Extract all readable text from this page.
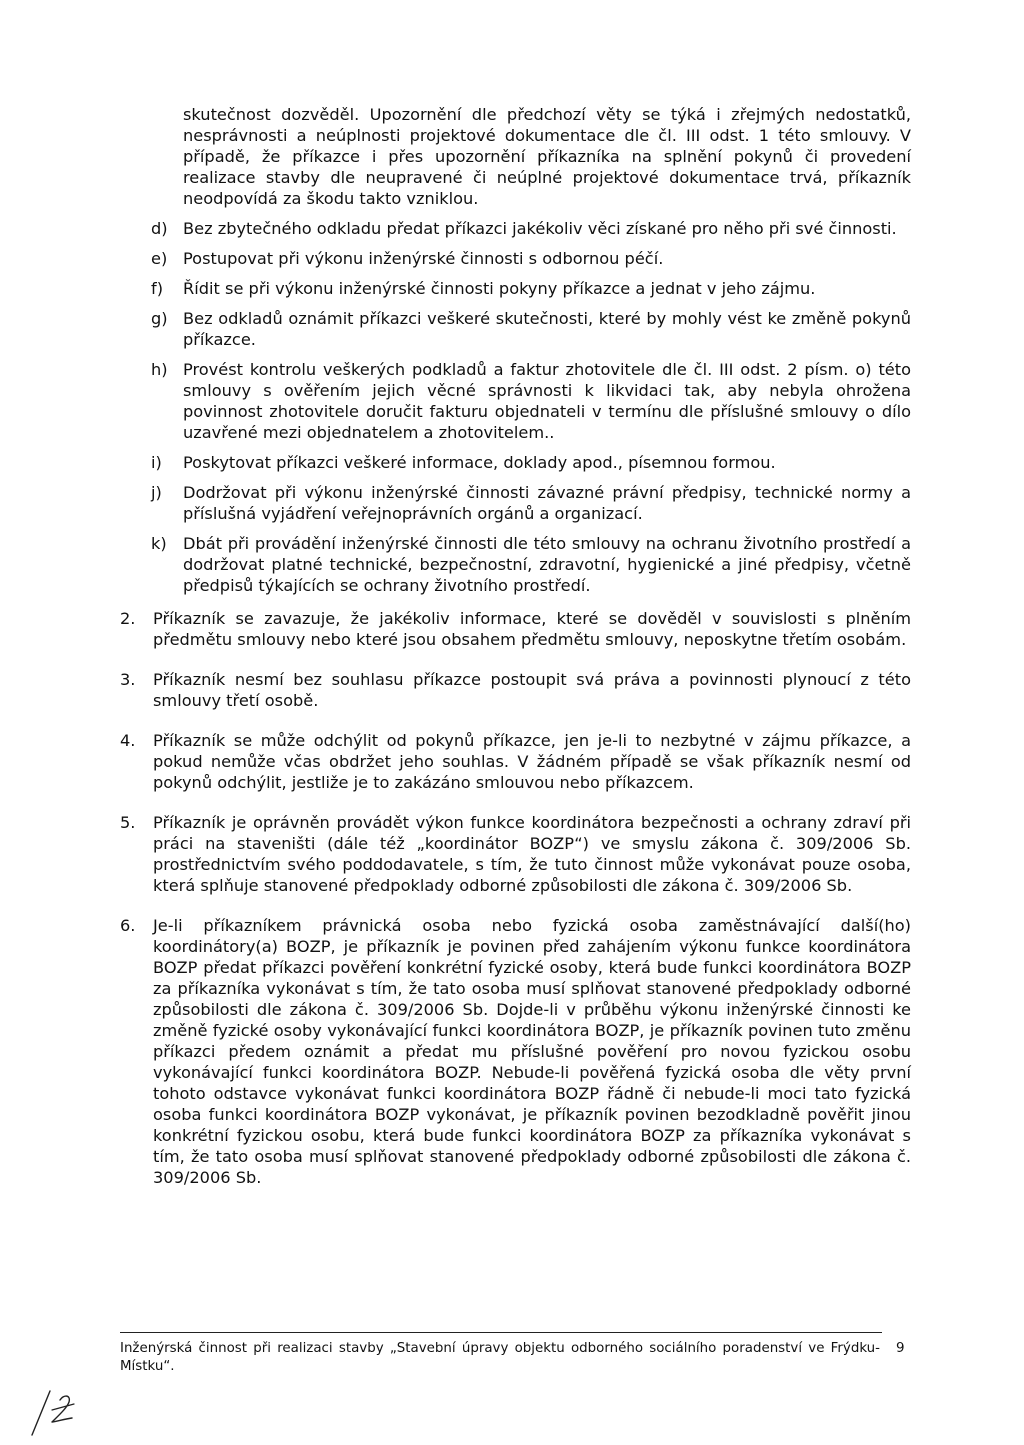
skutečnost dozvěděl. Upozornění dle předchozí věty se týká i zřejmých nedostatků, nesprávnosti a neúplnosti projektové dokumentace dle čl. III odst. 1 této smlouvy. V případě, že příkazce i přes upozornění příkazníka na splnění pokynů či provedení realizace stavby dle neupravené či neúplné projektové dokumentace trvá, příkazník neodpovídá za škodu takto vzniklou.
d) Bez zbytečného odkladu předat příkazci jakékoliv věci získané pro něho při své činnosti.
e) Postupovat při výkonu inženýrské činnosti s odbornou péčí.
f) Řídit se při výkonu inženýrské činnosti pokyny příkazce a jednat v jeho zájmu.
g) Bez odkladů oznámit příkazci veškeré skutečnosti, které by mohly vést ke změně pokynů příkazce.
h) Provést kontrolu veškerých podkladů a faktur zhotovitele dle čl. III odst. 2 písm. o) této smlouvy s ověřením jejich věcné správnosti k likvidaci tak, aby nebyla ohrožena povinnost zhotovitele doručit fakturu objednateli v termínu dle příslušné smlouvy o dílo uzavřené mezi objednatelem a zhotovitelem..
i) Poskytovat příkazci veškeré informace, doklady apod., písemnou formou.
j) Dodržovat při výkonu inženýrské činnosti závazné právní předpisy, technické normy a příslušná vyjádření veřejnoprávních orgánů a organizací.
k) Dbát při provádění inženýrské činnosti dle této smlouvy na ochranu životního prostředí a dodržovat platné technické, bezpečnostní, zdravotní, hygienické a jiné předpisy, včetně předpisů týkajících se ochrany životního prostředí.
2. Příkazník se zavazuje, že jakékoliv informace, které se dověděl v souvislosti s plněním předmětu smlouvy nebo které jsou obsahem předmětu smlouvy, neposkytne třetím osobám.
3. Příkazník nesmí bez souhlasu příkazce postoupit svá práva a povinnosti plynoucí z této smlouvy třetí osobě.
4. Příkazník se může odchýlit od pokynů příkazce, jen je-li to nezbytné v zájmu příkazce, a pokud nemůže včas obdržet jeho souhlas. V žádném případě se však příkazník nesmí od pokynů odchýlit, jestliže je to zakázáno smlouvou nebo příkazcem.
5. Příkazník je oprávněn provádět výkon funkce koordinátora bezpečnosti a ochrany zdraví při práci na staveništi (dále též „koordinátor BOZP“) ve smyslu zákona č. 309/2006 Sb. prostřednictvím svého poddodavatele, s tím, že tuto činnost může vykonávat pouze osoba, která splňuje stanovené předpoklady odborné způsobilosti dle zákona č. 309/2006 Sb.
6. Je-li příkazníkem právnická osoba nebo fyzická osoba zaměstnávající další(ho) koordinátory(a) BOZP, je příkazník je povinen před zahájením výkonu funkce koordinátora BOZP předat příkazci pověření konkrétní fyzické osoby, která bude funkci koordinátora BOZP za příkazníka vykonávat s tím, že tato osoba musí splňovat stanovené předpoklady odborné způsobilosti dle zákona č. 309/2006 Sb. Dojde-li v průběhu výkonu inženýrské činnosti ke změně fyzické osoby vykonávající funkci koordinátora BOZP, je příkazník povinen tuto změnu příkazci předem oznámit a předat mu příslušné pověření pro novou fyzickou osobu vykonávající funkci koordinátora BOZP. Nebude-li pověřená fyzická osoba dle věty první tohoto odstavce vykonávat funkci koordinátora BOZP řádně či nebude-li moci tato fyzická osoba funkci koordinátora BOZP vykonávat, je příkazník povinen bezodkladně pověřit jinou konkrétní fyzickou osobu, která bude funkci koordinátora BOZP za příkazníka vykonávat s tím, že tato osoba musí splňovat stanovené předpoklady odborné způsobilosti dle zákona č. 309/2006 Sb.
Inženýrská činnost při realizaci stavby „Stavební úpravy objektu odborného sociálního poradenství ve Frýdku-Místku“.
9
